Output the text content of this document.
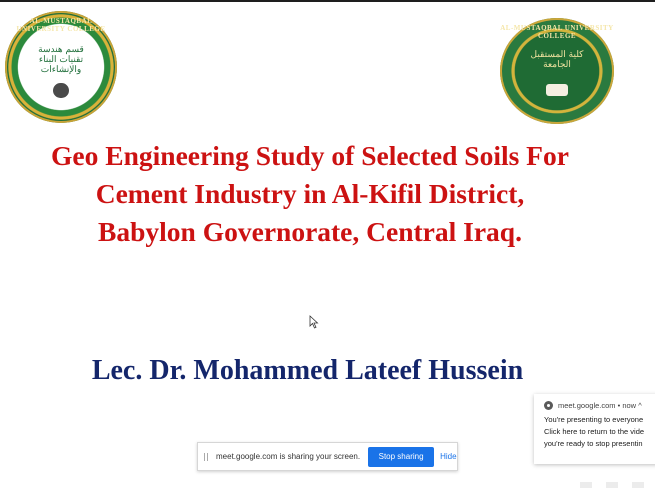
AL-MUSTAQBAL UNIVERSITY COLLEGE
قسم هندسة تقنيات البناء والإنشاءات
AL-MUSTAQBAL UNIVERSITY COLLEGE
كلية المستقبل الجامعة
Geo Engineering Study of Selected Soils For
Cement Industry in Al-Kifil District,
Babylon Governorate, Central Iraq.
Lec. Dr. Mohammed Lateef Hussein
meet.google.com is sharing your screen.	Stop sharing	Hide
meet.google.com • now ^
You're presenting to everyone
Click here to return to the vide
you're ready to stop presentin
